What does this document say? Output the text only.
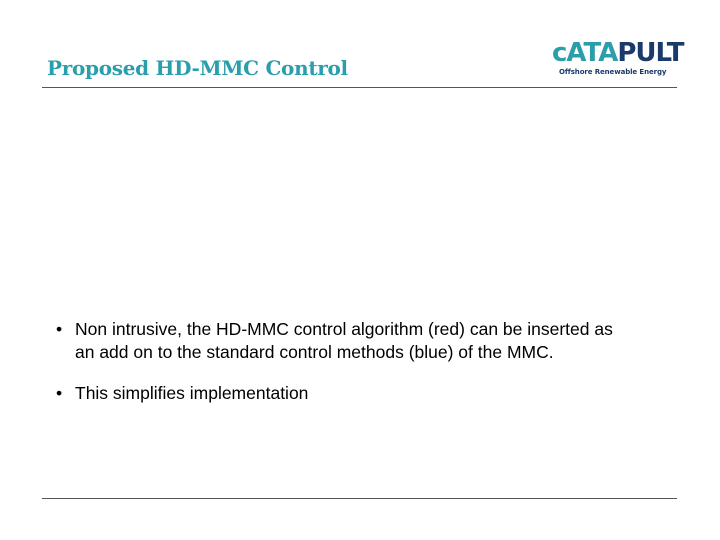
Proposed HD-MMC Control	cATAPULT
Offshore Renewable Energy
• Non intrusive, the HD-MMC control algorithm (red) can be inserted as an add on to the standard control methods (blue) of the MMC.
• This simplifies implementation
